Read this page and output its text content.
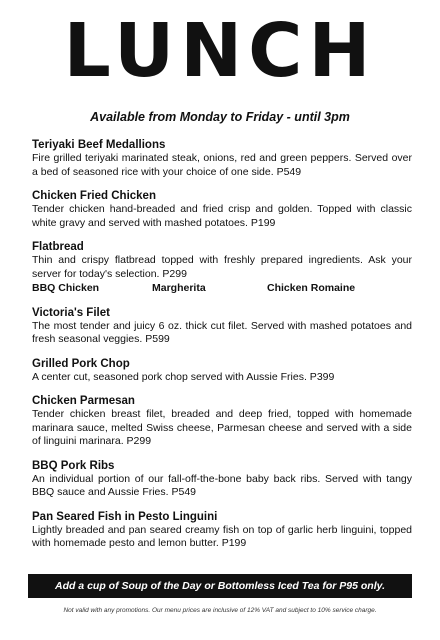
LUNCH
Available from Monday to Friday - until 3pm
Teriyaki Beef Medallions
Fire grilled teriyaki marinated steak, onions, red and green peppers. Served over a bed of seasoned rice with your choice of one side. P549
Chicken Fried Chicken
Tender chicken hand-breaded and fried crisp and golden. Topped with classic white gravy and served with mashed potatoes. P199
Flatbread
Thin and crispy flatbread topped with freshly prepared ingredients. Ask your server for today's selection. P299
BBQ Chicken	Margherita	Chicken Romaine
Victoria's Filet
The most tender and juicy 6 oz. thick cut filet. Served with mashed potatoes and fresh seasonal veggies. P599
Grilled Pork Chop
A center cut, seasoned pork chop served with Aussie Fries. P399
Chicken Parmesan
Tender chicken breast filet, breaded and deep fried, topped with homemade marinara sauce, melted Swiss cheese, Parmesan cheese and served with a side of linguini marinara. P299
BBQ Pork Ribs
An individual portion of our fall-off-the-bone baby back ribs. Served with tangy BBQ sauce and Aussie Fries. P549
Pan Seared Fish in Pesto Linguini
Lightly breaded and pan seared creamy fish on top of garlic herb linguini, topped with homemade pesto and lemon butter. P199
Add a cup of Soup of the Day or Bottomless Iced Tea for P95 only.
Not valid with any promotions. Our menu prices are inclusive of 12% VAT and subject to 10% service charge.
